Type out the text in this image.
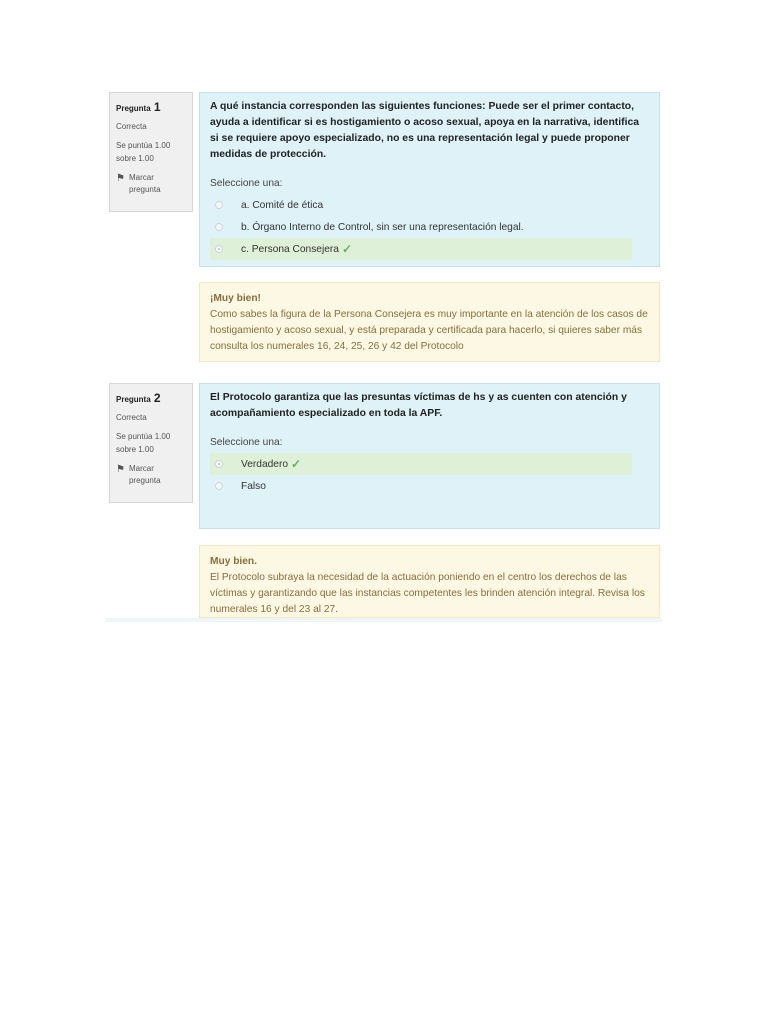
Pregunta 1
Correcta
Se puntúa 1.00
sobre 1.00
⚑ Marcar
pregunta
A qué instancia corresponden las siguientes funciones: Puede ser el primer contacto, ayuda a identificar si es hostigamiento o acoso sexual, apoya en la narrativa, identifica si se requiere apoyo especializado, no es una representación legal y puede proponer medidas de protección.
Seleccione una:
a. Comité de ética
b. Órgano Interno de Control, sin ser una representación legal.
c. Persona Consejera ✓
¡Muy bien!
Como sabes la figura de la Persona Consejera es muy importante en la atención de los casos de hostigamiento y acoso sexual, y está preparada y certificada para hacerlo, si quieres saber más consulta los numerales 16, 24, 25, 26 y 42 del Protocolo
Pregunta 2
Correcta
Se puntúa 1.00
sobre 1.00
⚑ Marcar
pregunta
El Protocolo garantiza que las presuntas víctimas de hs y as cuenten con atención y acompañamiento especializado en toda la APF.
Seleccione una:
Verdadero ✓
Falso
Muy bien.
El Protocolo subraya la necesidad de la actuación poniendo en el centro los derechos de las víctimas y garantizando que las instancias competentes les brinden atención integral. Revisa los numerales 16 y del 23 al 27.
